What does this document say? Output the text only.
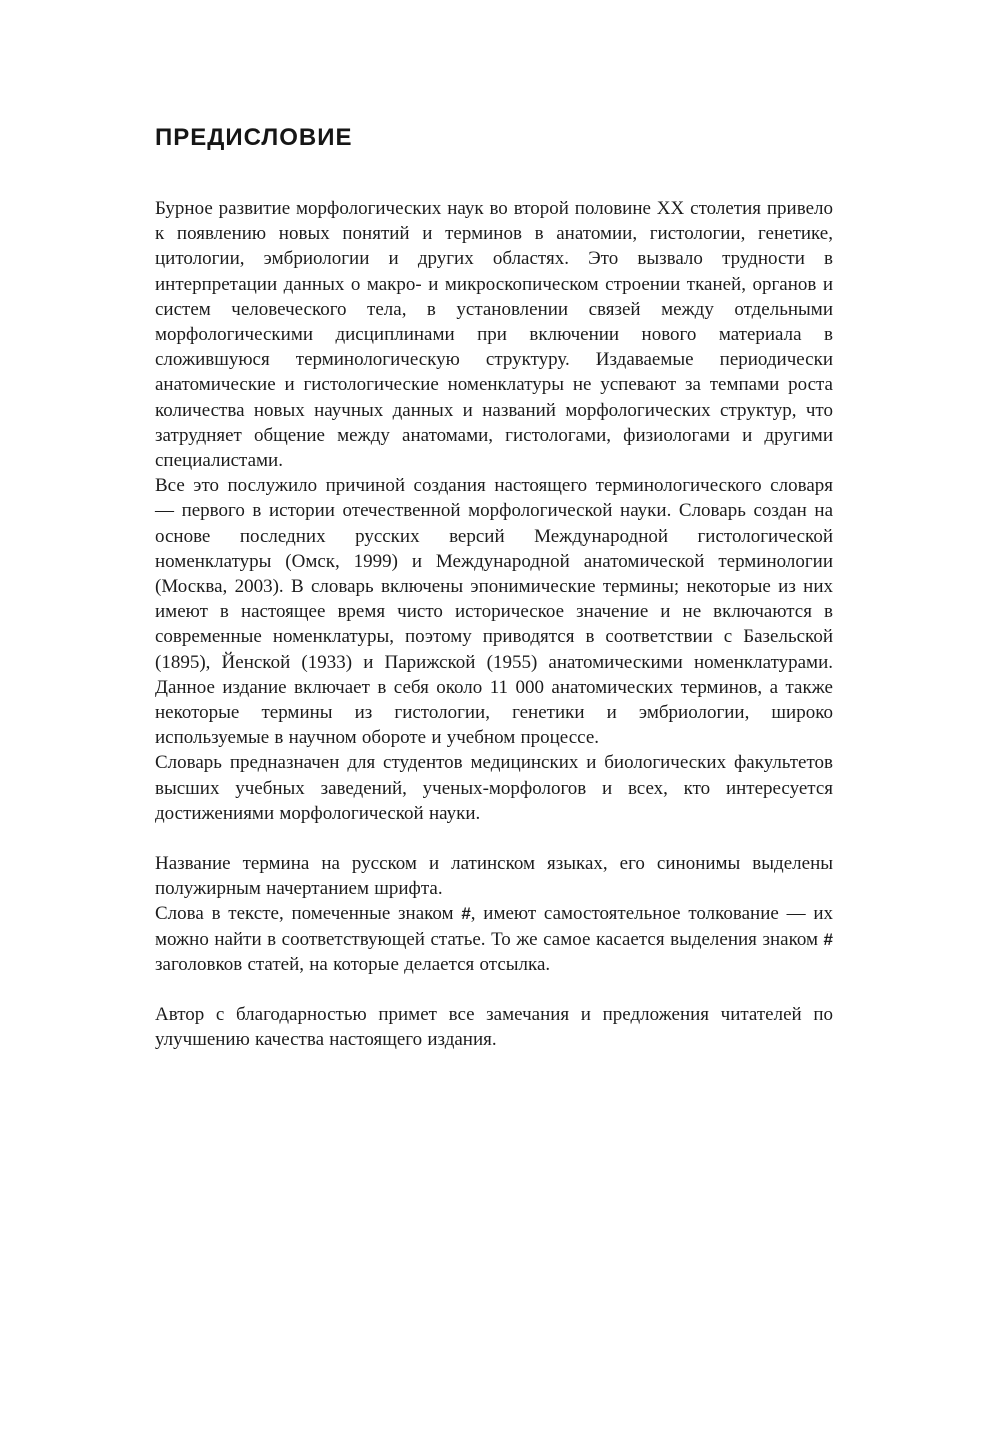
ПРЕДИСЛОВИЕ

Бурное развитие морфологических наук во второй половине XX столетия привело к появлению новых понятий и терминов в анатомии, гистологии, генетике, цитологии, эмбриологии и других областях. Это вызвало трудности в интерпретации данных о макро- и микроскопическом строении тканей, органов и систем человеческого тела, в установлении связей между отдельными морфологическими дисциплинами при включении нового материала в сложившуюся терминологическую структуру. Издаваемые периодически анатомические и гистологические номенклатуры не успевают за темпами роста количества новых научных данных и названий морфологических структур, что затрудняет общение между анатомами, гистологами, физиологами и другими специалистами.

Все это послужило причиной создания настоящего терминологического словаря — первого в истории отечественной морфологической науки. Словарь создан на основе последних русских версий Международной гистологической номенклатуры (Омск, 1999) и Международной анатомической терминологии (Москва, 2003). В словарь включены эпонимические термины; некоторые из них имеют в настоящее время чисто историческое значение и не включаются в современные номенклатуры, поэтому приводятся в соответствии с Базельской (1895), Йенской (1933) и Парижской (1955) анатомическими номенклатурами. Данное издание включает в себя около 11 000 анатомических терминов, а также некоторые термины из гистологии, генетики и эмбриологии, широко используемые в научном обороте и учебном процессе.

Словарь предназначен для студентов медицинских и биологических факультетов высших учебных заведений, ученых-морфологов и всех, кто интересуется достижениями морфологической науки.

Название термина на русском и латинском языках, его синонимы выделены полужирным начертанием шрифта.

Слова в тексте, помеченные знаком #, имеют самостоятельное толкование — их можно найти в соответствующей статье. То же самое касается выделения знаком # заголовков статей, на которые делается отсылка.

Автор с благодарностью примет все замечания и предложения читателей по улучшению качества настоящего издания.
